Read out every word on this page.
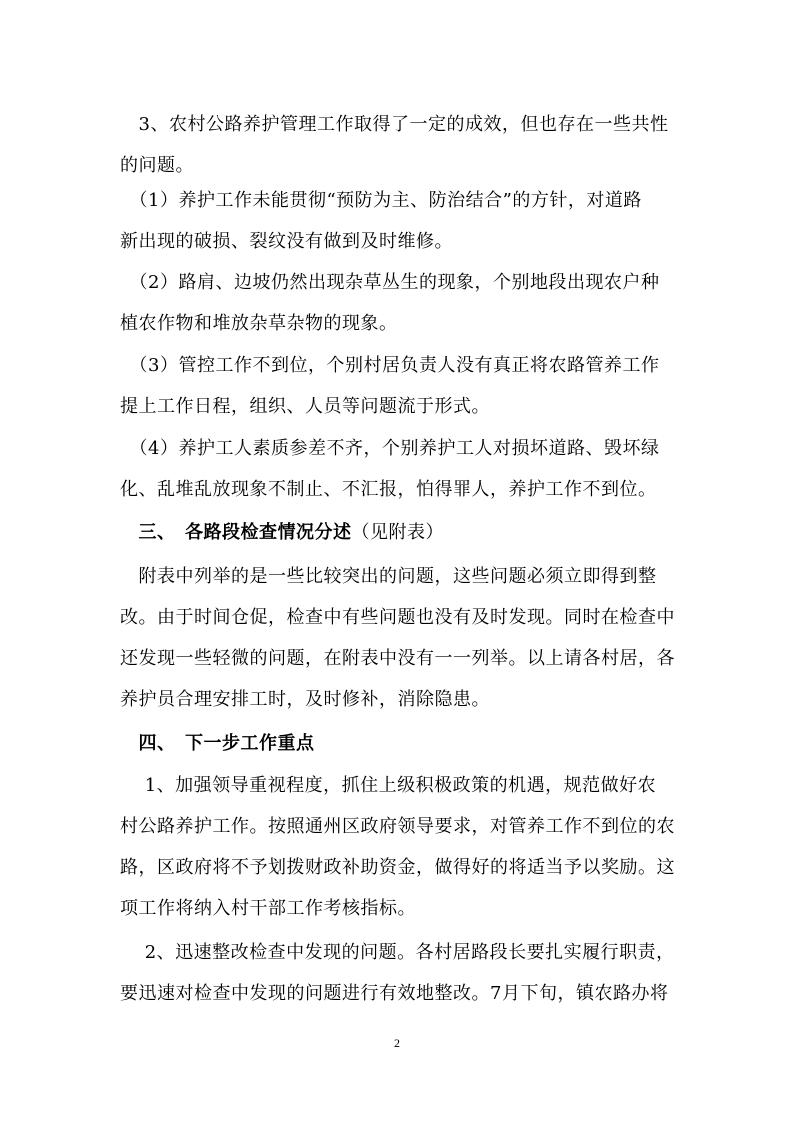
　3、农村公路养护管理工作取得了一定的成效，但也存在一些共性
的问题。

　（1）养护工作未能贯彻“预防为主、防治结合”的方针，对道路
新出现的破损、裂纹没有做到及时维修。

　（2）路肩、边坡仍然出现杂草丛生的现象，个别地段出现农户种
植农作物和堆放杂草杂物的现象。

　（3）管控工作不到位，个别村居负责人没有真正将农路管养工作
提上工作日程，组织、人员等问题流于形式。

　（4）养护工人素质参差不齐，个别养护工人对损坏道路、毁坏绿
化、乱堆乱放现象不制止、不汇报，怕得罪人，养护工作不到位。

　三、　各路段检查情况分述（见附表）

　附表中列举的是一些比较突出的问题，这些问题必须立即得到整
改。由于时间仓促，检查中有些问题也没有及时发现。同时在检查中
还发现一些轻微的问题，在附表中没有一一列举。以上请各村居，各
养护员合理安排工时，及时修补，消除隐患。

　四、　下一步工作重点

　 1、加强领导重视程度，抓住上级积极政策的机遇，规范做好农
村公路养护工作。按照通州区政府领导要求，对管养工作不到位的农
路，区政府将不予划拨财政补助资金，做得好的将适当予以奖励。这
项工作将纳入村干部工作考核指标。

　 2、迅速整改检查中发现的问题。各村居路段长要扎实履行职责，
要迅速对检查中发现的问题进行有效地整改。7月下旬，镇农路办将

2
